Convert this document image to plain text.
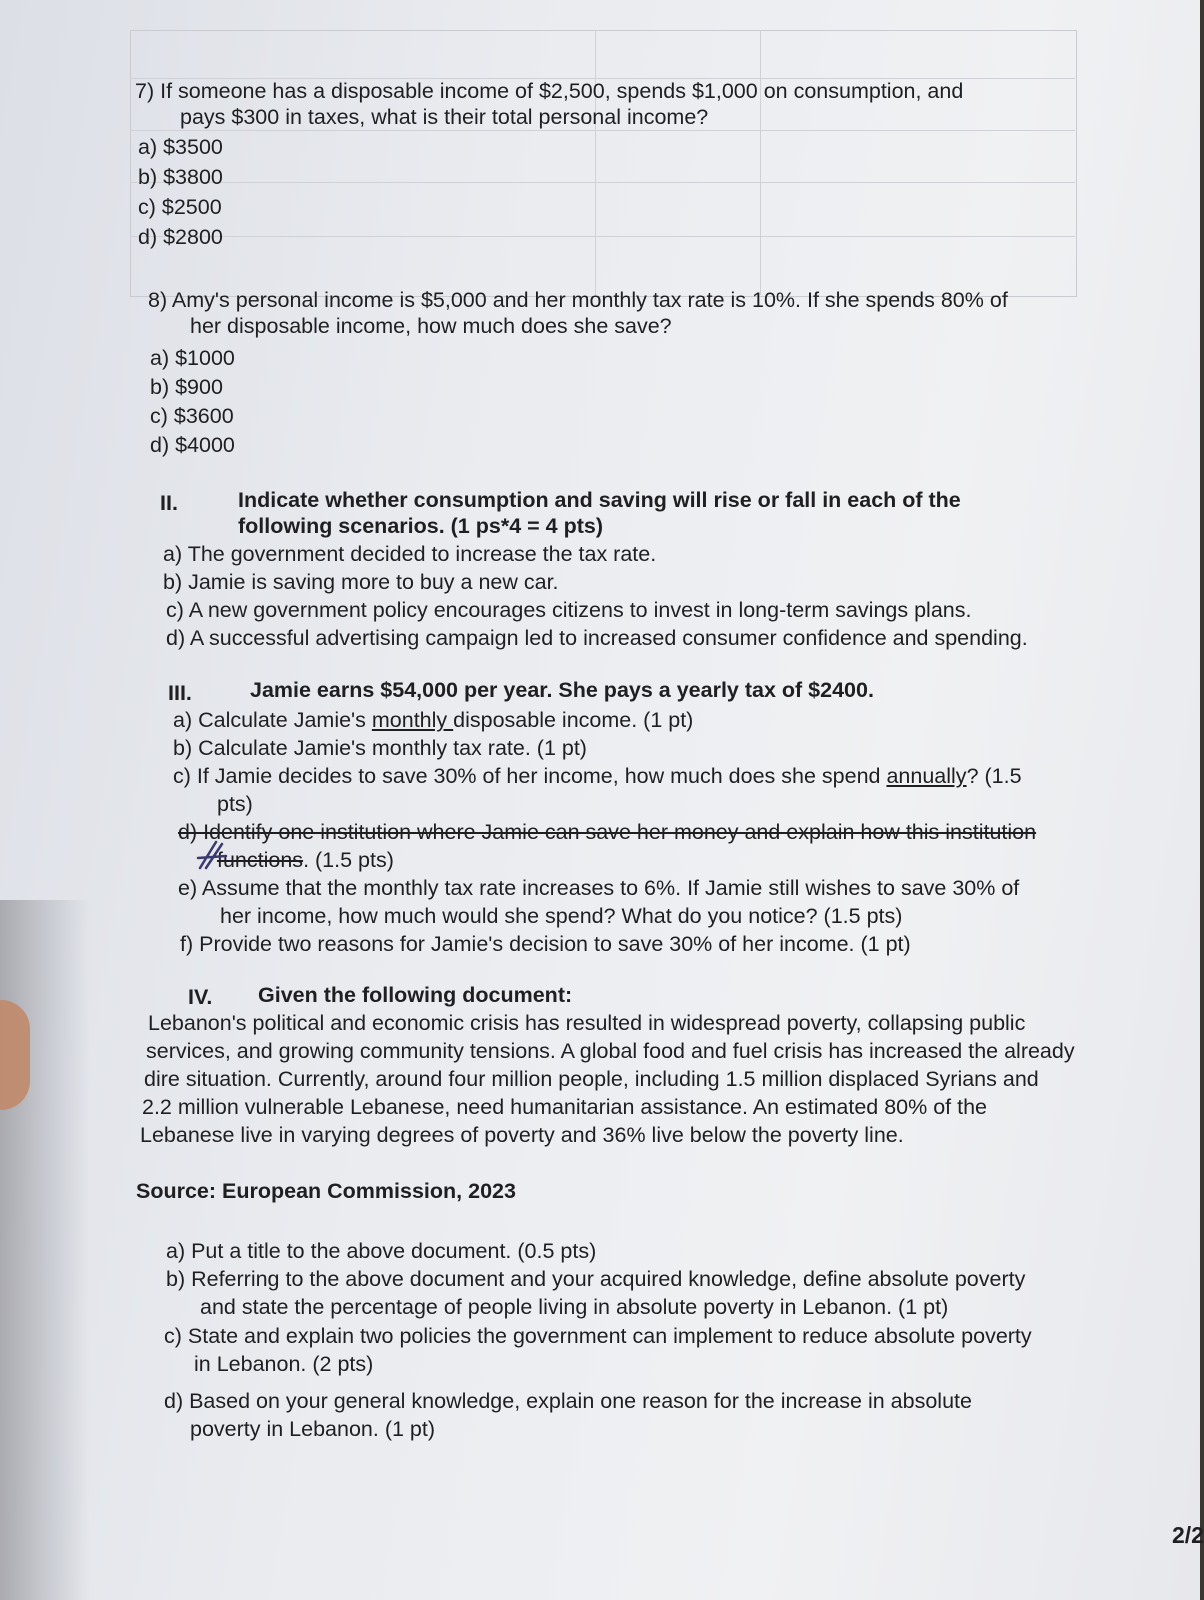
7) If someone has a disposable income of $2,500, spends $1,000 on consumption, and
pays $300 in taxes, what is their total personal income?
a) $3500
b) $3800
c) $2500
d) $2800
8) Amy's personal income is $5,000 and her monthly tax rate is 10%. If she spends 80% of
her disposable income, how much does she save?
a) $1000
b) $900
c) $3600
d) $4000
II.	Indicate whether consumption and saving will rise or fall in each of the
following scenarios. (1 ps*4 = 4 pts)
a) The government decided to increase the tax rate.
b) Jamie is saving more to buy a new car.
c) A new government policy encourages citizens to invest in long-term savings plans.
d) A successful advertising campaign led to increased consumer confidence and spending.
III.	Jamie earns $54,000 per year. She pays a yearly tax of $2400.
a) Calculate Jamie's monthly disposable income. (1 pt)
b) Calculate Jamie's monthly tax rate. (1 pt)
c) If Jamie decides to save 30% of her income, how much does she spend annually? (1.5
pts)
d) Identify one institution where Jamie can save her money and explain how this institution
functions. (1.5 pts)
e) Assume that the monthly tax rate increases to 6%. If Jamie still wishes to save 30% of
her income, how much would she spend? What do you notice? (1.5 pts)
f) Provide two reasons for Jamie's decision to save 30% of her income. (1 pt)
IV. Given the following document:
Lebanon's political and economic crisis has resulted in widespread poverty, collapsing public
services, and growing community tensions. A global food and fuel crisis has increased the already
dire situation. Currently, around four million people, including 1.5 million displaced Syrians and
2.2 million vulnerable Lebanese, need humanitarian assistance. An estimated 80% of the
Lebanese live in varying degrees of poverty and 36% live below the poverty line.
Source: European Commission, 2023
a) Put a title to the above document. (0.5 pts)
b) Referring to the above document and your acquired knowledge, define absolute poverty
and state the percentage of people living in absolute poverty in Lebanon. (1 pt)
c) State and explain two policies the government can implement to reduce absolute poverty
in Lebanon. (2 pts)
d) Based on your general knowledge, explain one reason for the increase in absolute
poverty in Lebanon. (1 pt)
2/2
